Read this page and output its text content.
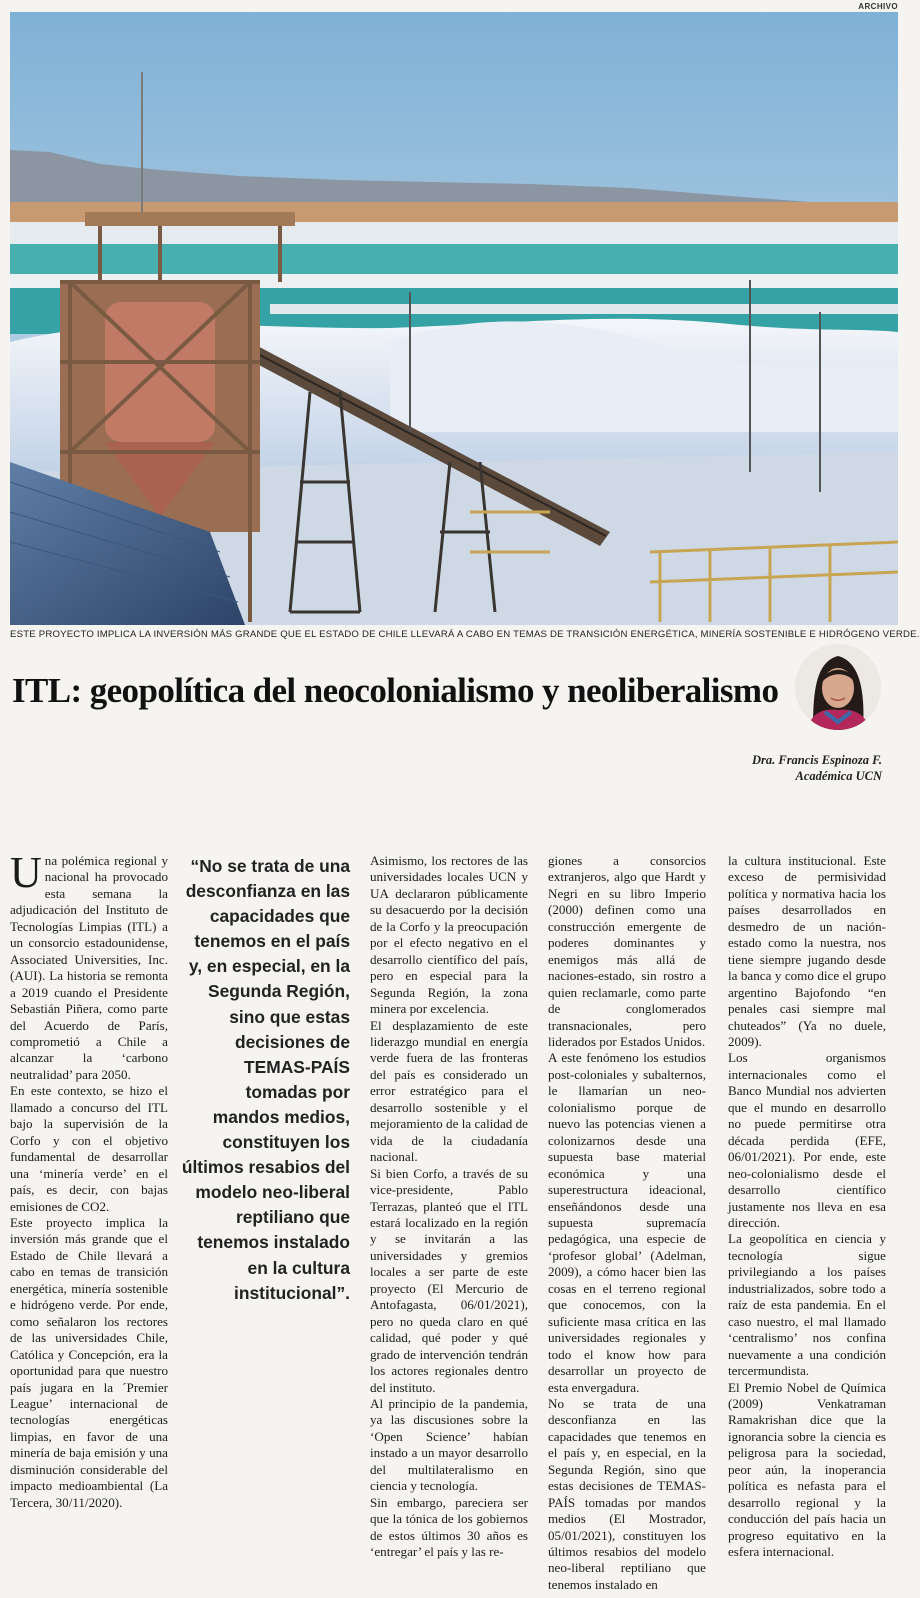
ARCHIVO
ESTE PROYECTO IMPLICA LA INVERSIÓN MÁS GRANDE QUE EL ESTADO DE CHILE LLEVARÁ A CABO EN TEMAS DE TRANSICIÓN ENERGÉTICA, MINERÍA SOSTENIBLE E HIDRÓGENO VERDE.
ITL: geopolítica del neocolonialismo y neoliberalismo
Dra. Francis Espinoza F.
Académica UCN

Una polémica regional y nacional ha provocado esta semana la adjudicación del Instituto de Tecnologías Limpias (ITL) a un consorcio estadounidense, Associated Universities, Inc. (AUI). La historia se remonta a 2019 cuando el Presidente Sebastián Piñera, como parte del Acuerdo de París, comprometió a Chile a alcanzar la ‘carbono neutralidad’ para 2050.

En este contexto, se hizo el llamado a concurso del ITL bajo la supervisión de la Corfo y con el objetivo fundamental de desarrollar una ‘minería verde’ en el país, es decir, con bajas emisiones de CO2.

Este proyecto implica la inversión más grande que el Estado de Chile llevará a cabo en temas de transición energética, minería sostenible e hidrógeno verde. Por ende, como señalaron los rectores de las universidades Chile, Católica y Concepción, era la oportunidad para que nuestro país jugara en la ´Premier League’ internacional de tecnologías energéticas limpias, en favor de una minería de baja emisión y una disminución considerable del impacto medioambiental (La Tercera, 30/11/2020).

“No se trata de una desconfianza en las capacidades que tenemos en el país y, en especial, en la Segunda Región, sino que estas decisiones de TEMAS-PAÍS tomadas por mandos medios, constituyen los últimos resabios del modelo neo-liberal reptiliano que tenemos instalado en la cultura institucional”.

Asimismo, los rectores de las universidades locales UCN y UA declararon públicamente su desacuerdo por la decisión de la Corfo y la preocupación por el efecto negativo en el desarrollo científico del país, pero en especial para la Segunda Región, la zona minera por excelencia.

El desplazamiento de este liderazgo mundial en energía verde fuera de las fronteras del país es considerado un error estratégico para el desarrollo sostenible y el mejoramiento de la calidad de vida de la ciudadanía nacional.

Si bien Corfo, a través de su vice-presidente, Pablo Terrazas, planteó que el ITL estará localizado en la región y se invitarán a las universidades y gremios locales a ser parte de este proyecto (El Mercurio de Antofagasta, 06/01/2021), pero no queda claro en qué calidad, qué poder y qué grado de intervención tendrán los actores regionales dentro del instituto.

Al principio de la pandemia, ya las discusiones sobre la ‘Open Science’ habían instado a un mayor desarrollo del multilateralismo en ciencia y tecnología.

Sin embargo, pareciera ser que la tónica de los gobiernos de estos últimos 30 años es ‘entregar’ el país y las re-

giones a consorcios extranjeros, algo que Hardt y Negri en su libro Imperio (2000) definen como una construcción emergente de poderes dominantes y enemigos más allá de naciones-estado, sin rostro a quien reclamarle, como parte de conglomerados transnacionales, pero liderados por Estados Unidos.

A este fenómeno los estudios post-coloniales y subalternos, le llamarían un neo-colonialismo porque de nuevo las potencias vienen a colonizarnos desde una supuesta base material económica y una superestructura ideacional, enseñándonos desde una supuesta supremacía pedagógica, una especie de ‘profesor global’ (Adelman, 2009), a cómo hacer bien las cosas en el terreno regional que conocemos, con la suficiente masa crítica en las universidades regionales y todo el know how para desarrollar un proyecto de esta envergadura.

No se trata de una desconfianza en las capacidades que tenemos en el país y, en especial, en la Segunda Región, sino que estas decisiones de TEMAS-PAÍS tomadas por mandos medios (El Mostrador, 05/01/2021), constituyen los últimos resabios del modelo neo-liberal reptiliano que tenemos instalado en

la cultura institucional. Este exceso de permisividad política y normativa hacia los países desarrollados en desmedro de un nación-estado como la nuestra, nos tiene siempre jugando desde la banca y como dice el grupo argentino Bajofondo “en penales casi siempre mal chuteados” (Ya no duele, 2009).

Los organismos internacionales como el Banco Mundial nos advierten que el mundo en desarrollo no puede permitirse otra década perdida (EFE, 06/01/2021). Por ende, este neo-colonialismo desde el desarrollo científico justamente nos lleva en esa dirección.

La geopolítica en ciencia y tecnología sigue privilegiando a los países industrializados, sobre todo a raíz de esta pandemia. En el caso nuestro, el mal llamado ‘centralismo’ nos confina nuevamente a una condición tercermundista.

El Premio Nobel de Química (2009) Venkatraman Ramakrishan dice que la ignorancia sobre la ciencia es peligrosa para la sociedad, peor aún, la inoperancia política es nefasta para el desarrollo regional y la conducción del país hacia un progreso equitativo en la esfera internacional.
